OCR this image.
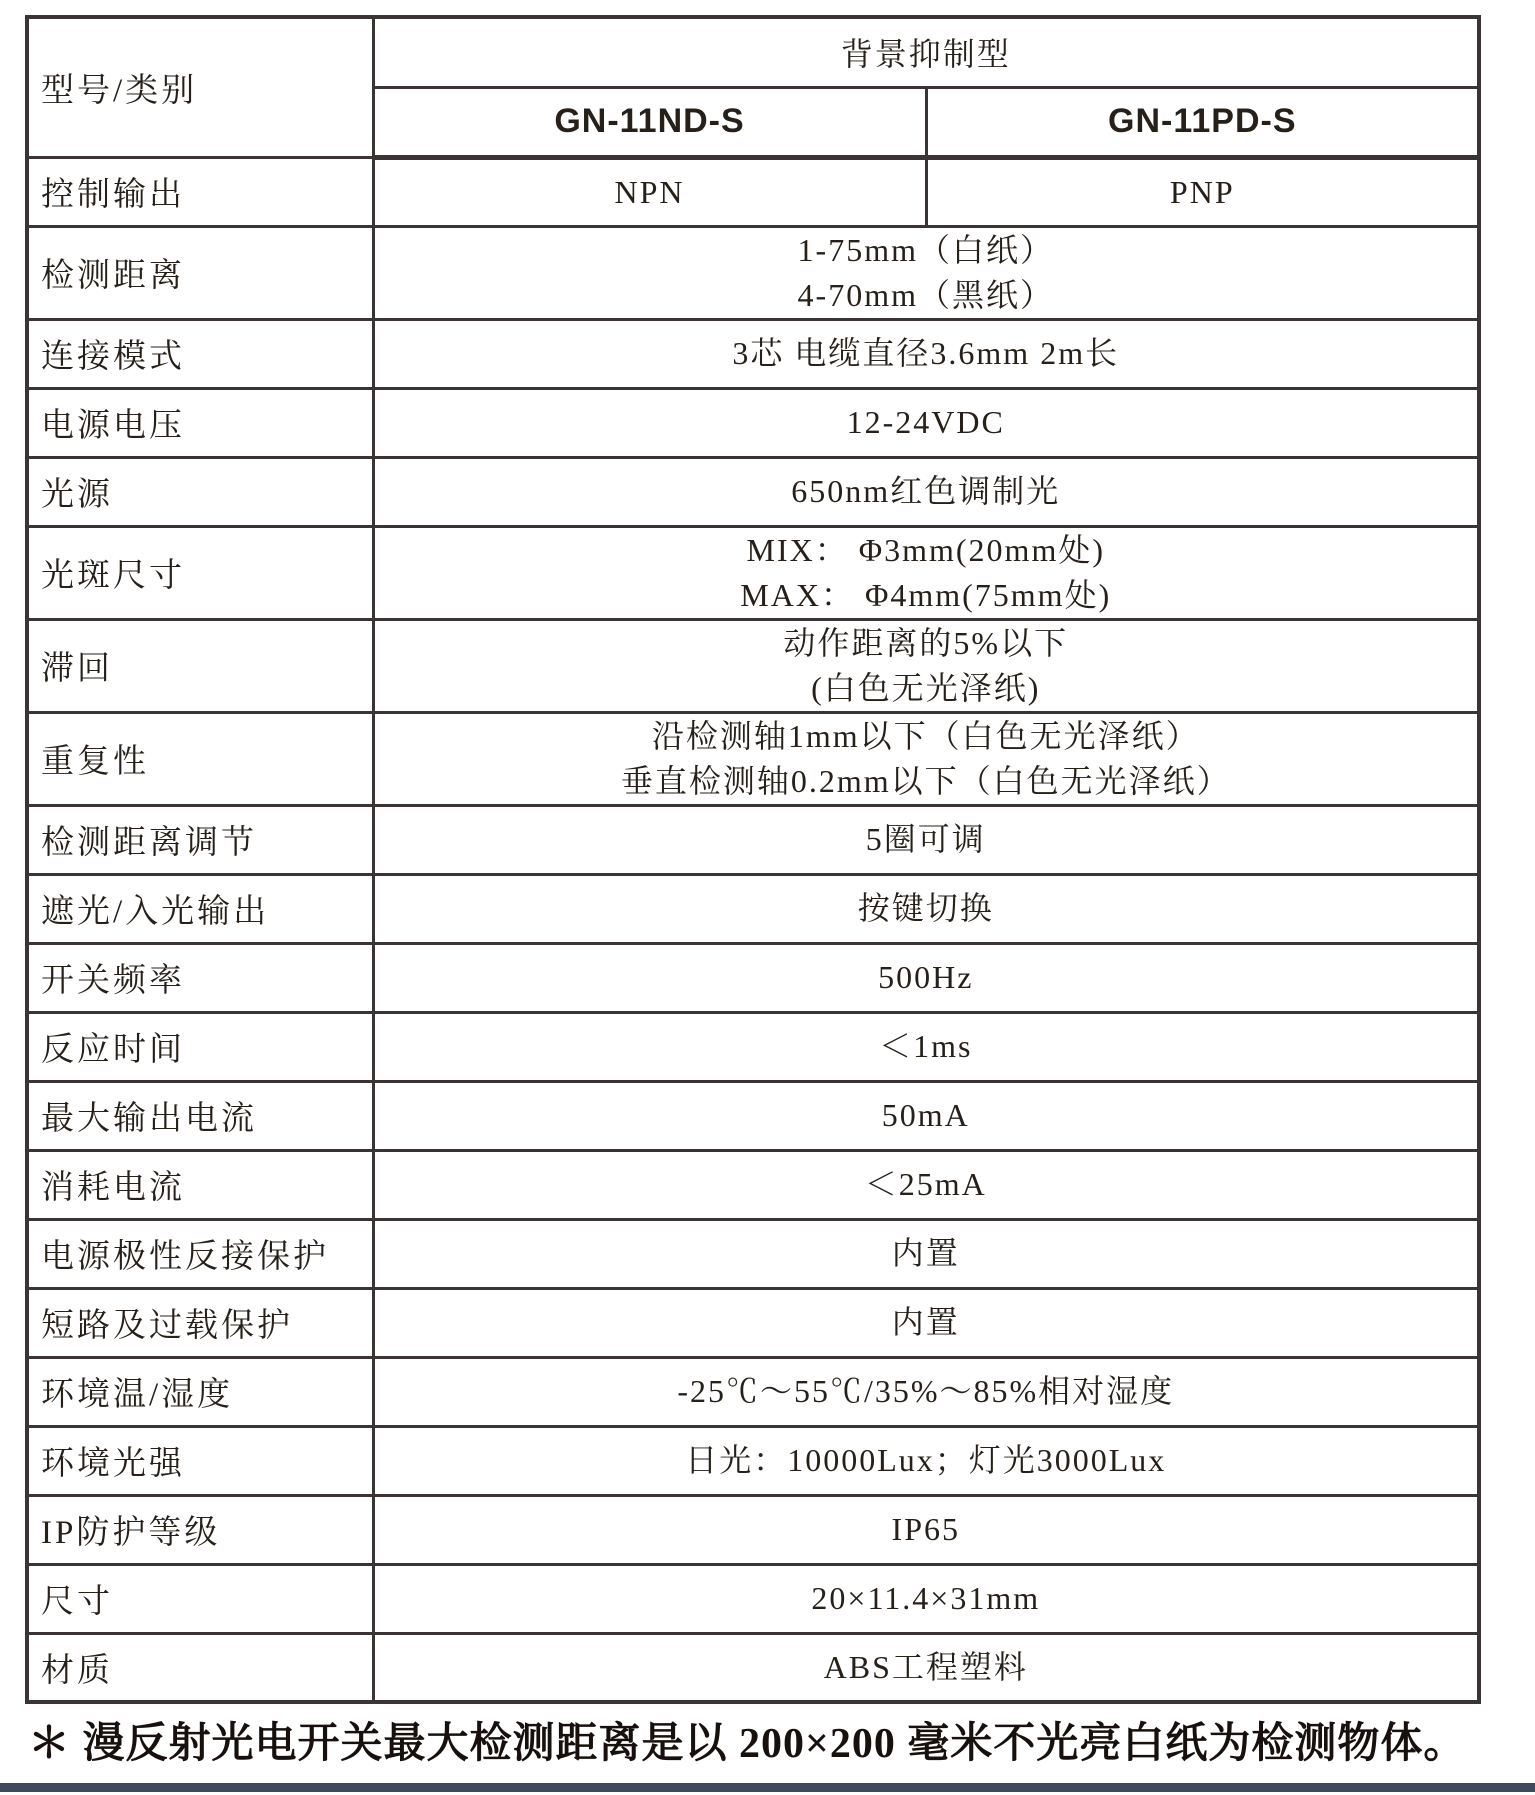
型号/类别	背景抑制型	
	GN-11ND-S	GN-11PD-S
控制输出	NPN	PNP
检测距离	1-75mm（白纸）
4-70mm（黑纸）	

连接模式	3芯 电缆直径3.6mm 2m长	

电源电压	12-24VDC	

光源	650nm红色调制光	

光斑尺寸	MIX： Φ3mm(20mm处)
MAX： Φ4mm(75mm处)	

滞回	动作距离的5%以下
(白色无光泽纸)	

重复性	沿检测轴1mm以下（白色无光泽纸）
垂直检测轴0.2mm以下（白色无光泽纸）	

检测距离调节	5圈可调	

遮光/入光输出	按键切换	

开关频率	500Hz	

反应时间	＜1ms	

最大输出电流	50mA	

消耗电流	＜25mA	

电源极性反接保护	内置	

短路及过载保护	内置	

环境温/湿度	-25℃～55℃/35%～85%相对湿度	

环境光强	日光：10000Lux；灯光3000Lux	

IP防护等级	IP65	

尺寸	20×11.4×31mm	

材质	ABS工程塑料	
＊ 漫反射光电开关最大检测距离是以 200×200 毫米不光亮白纸为检测物体。
